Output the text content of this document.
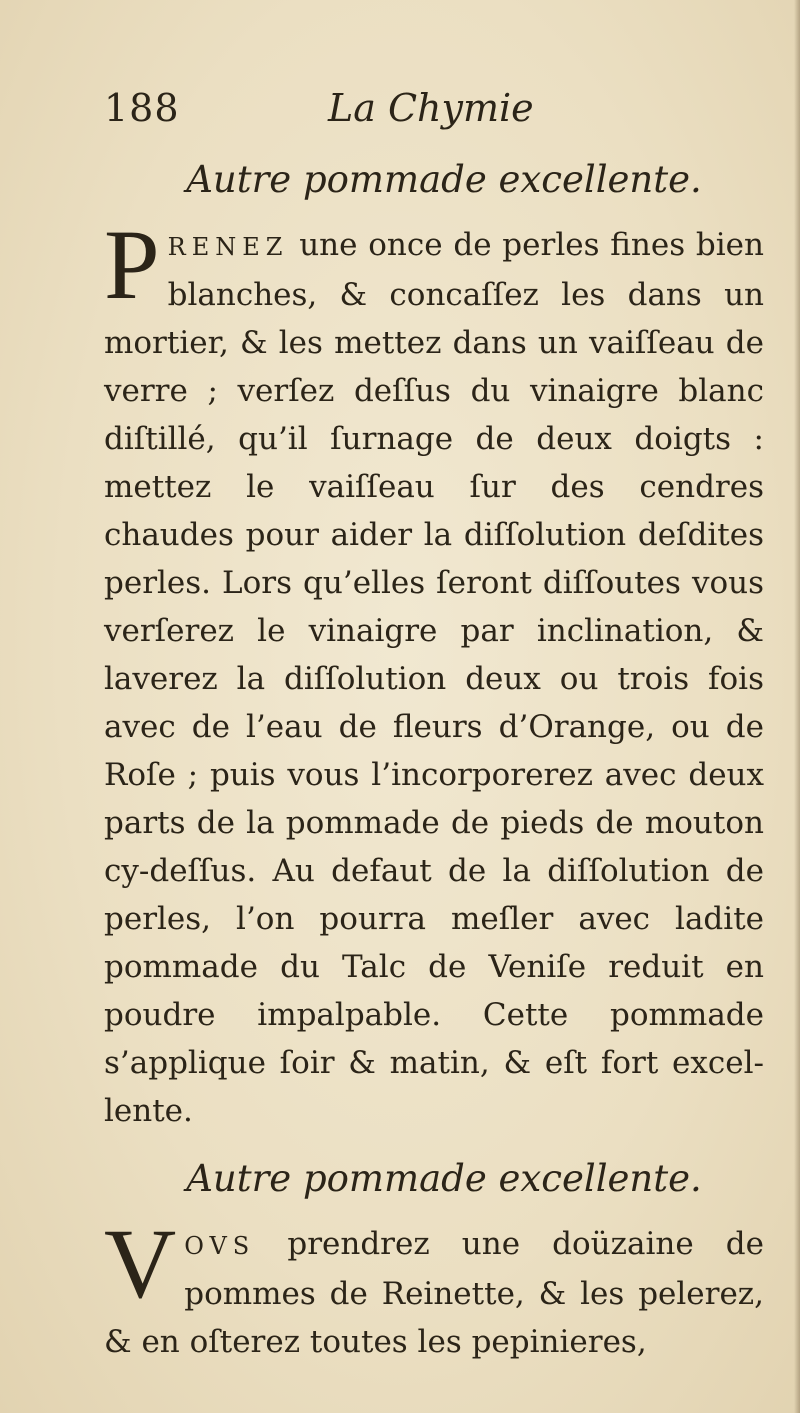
188	La Chymie
Autre pommade excellente.

PRENEZ une once de perles fines bien blanches, & concaſſez les dans un mortier, & les mettez dans un vaiſſeau de verre ; verſez deſſus du vinaigre blanc diſtillé, qu’il ſurnage de deux doigts : mettez le vaiſſeau ſur des cendres chaudes pour aider la diſſolution deſdites perles. Lors qu’elles ſeront diſſoutes vous verſerez le vinaigre par inclination, & laverez la diſſolution deux ou trois fois avec de l’eau de fleurs d’Orange, ou de Roſe ; puis vous l’incorporerez avec deux parts de la pommade de pieds de mouton cy-deſſus. Au defaut de la diſſolution de perles, l’on pourra meſler avec ladite pommade du Talc de Veniſe reduit en poudre impalpable. Cette pommade s’applique ſoir & matin, & eſt fort excellente.

Autre pommade excellente.

VOVS prendrez une doüzaine de pommes de Reinette, & les pelerez, & en oſterez toutes les pepinieres,
